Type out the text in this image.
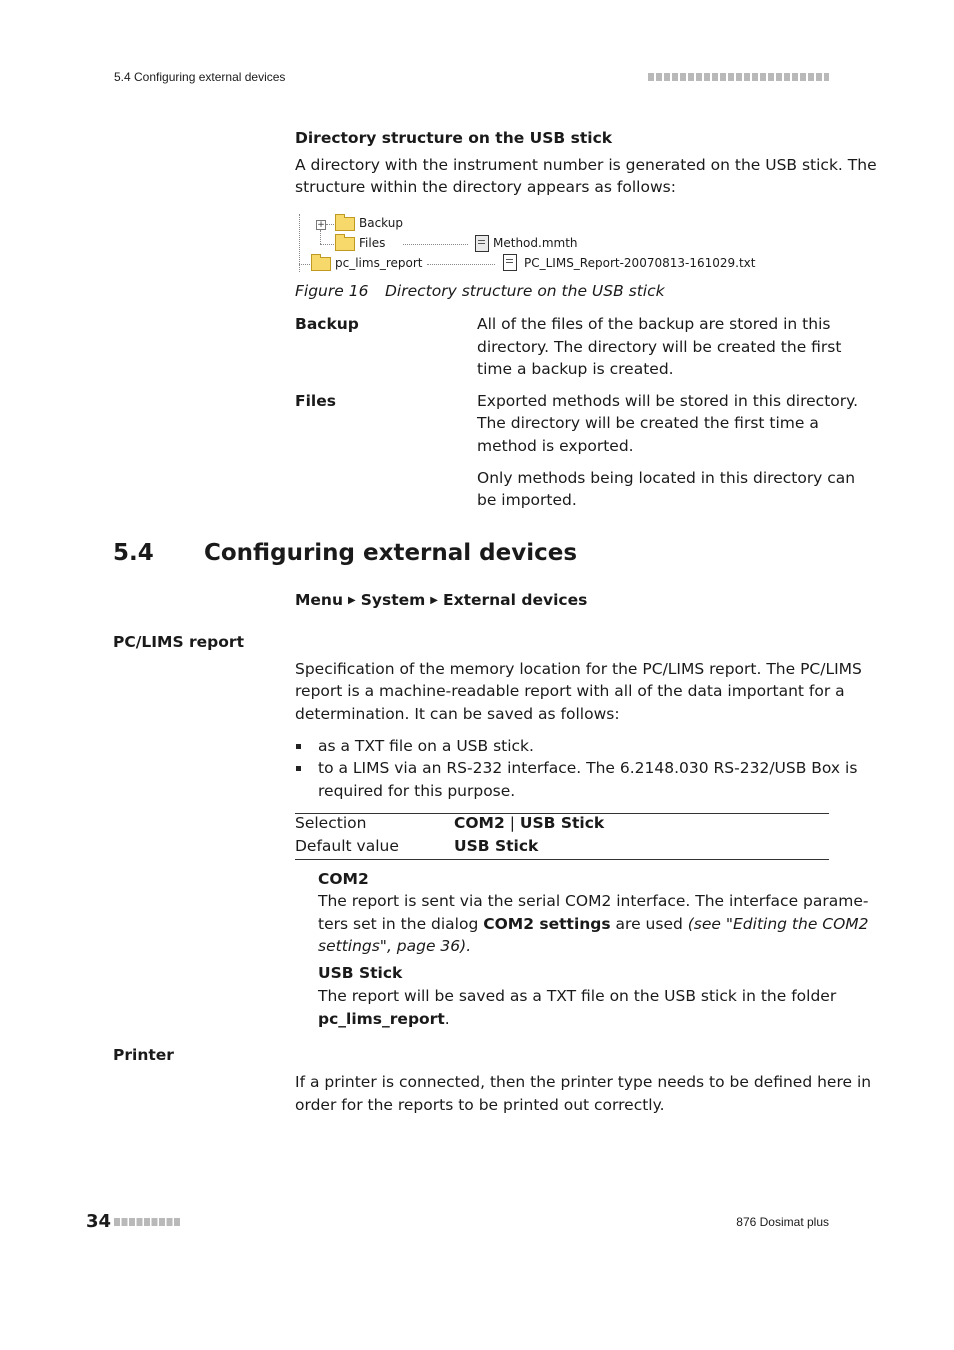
5.4 Configuring external devices
Directory structure on the USB stick
A directory with the instrument number is generated on the USB stick. The
structure within the directory appears as follows:
+	Backup
Files	Method.mmth
pc_lims_report	PC_LIMS_Report-20070813-161029.txt
Figure 16 Directory structure on the USB stick
Backup	All of the files of the backup are stored in this
directory. The directory will be created the first
time a backup is created.
Files	Exported methods will be stored in this directory.
The directory will be created the first time a
method is exported.
Only methods being located in this directory can
be imported.
5.4 Configuring external devices
Menu ▶ System ▶ External devices
PC/LIMS report
Specification of the memory location for the PC/LIMS report. The PC/LIMS
report is a machine-readable report with all of the data important for a
determination. It can be saved as follows:
as a TXT file on a USB stick.
to a LIMS via an RS-232 interface. The 6.2148.030 RS-232/USB Box is
required for this purpose.
Selection	COM2 | USB Stick
Default value	USB Stick
COM2
The report is sent via the serial COM2 interface. The interface parame-
ters set in the dialog COM2 settings are used (see "Editing the COM2
settings", page 36).
USB Stick
The report will be saved as a TXT file on the USB stick in the folder
pc_lims_report.
Printer
If a printer is connected, then the printer type needs to be defined here in
order for the reports to be printed out correctly.
34	876 Dosimat plus
